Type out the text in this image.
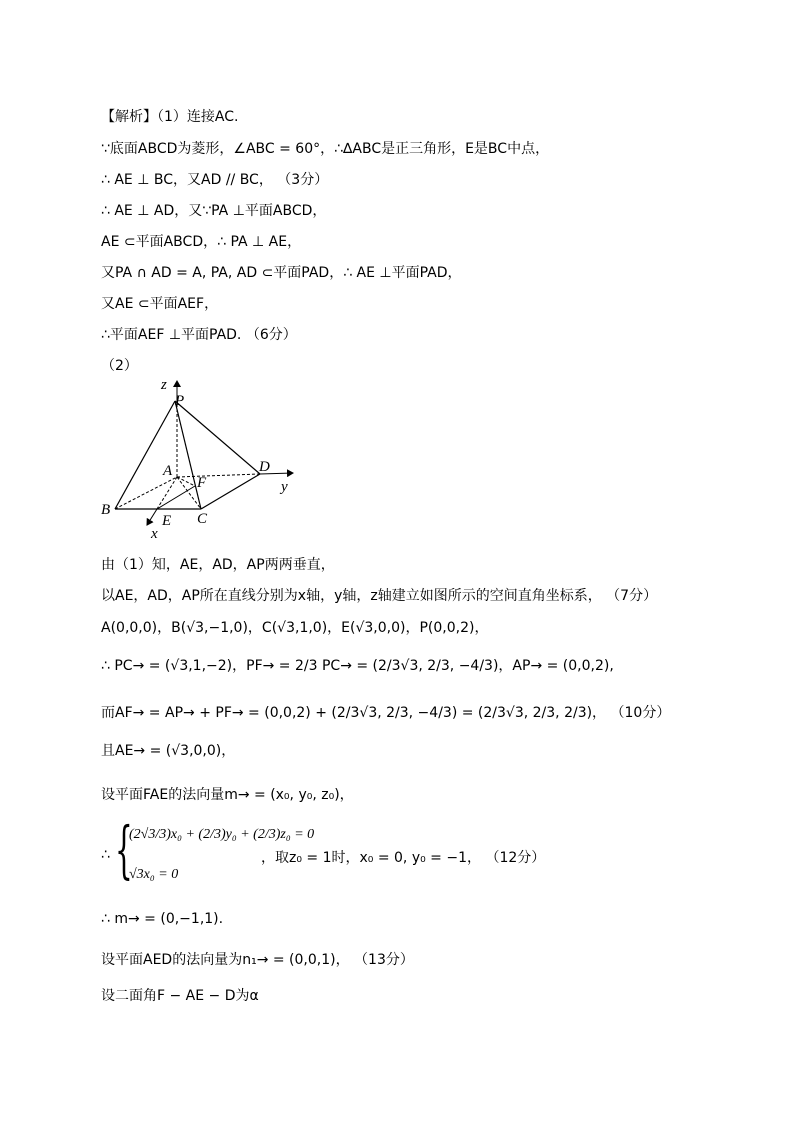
【解析】（1）连接AC.
∵底面ABCD为菱形，∠ABC = 60°，∴∆ABC是正三角形，E是BC中点，
∴ AE ⊥ BC，又AD // BC， （3分）
∴ AE ⊥ AD，又∵PA ⊥平面ABCD，
AE ⊂平面ABCD，∴ PA ⊥ AE，
又PA ∩ AD = A, PA, AD ⊂平面PAD，∴ AE ⊥平面PAD，
又AE ⊂平面AEF，
∴平面AEF ⊥平面PAD. （6分）
（2）
由（1）知，AE，AD，AP两两垂直，
以AE，AD，AP所在直线分别为x轴，y轴，z轴建立如图所示的空间直角坐标系， （7分）
A(0,0,0)，B(√3,−1,0)，C(√3,1,0)，E(√3,0,0)，P(0,0,2)，
∴ PC→ = (√3,1,−2)，PF→ = 2/3 PC→ = (2/3√3, 2/3, −4/3)，AP→ = (0,0,2),
而AF→ = AP→ + PF→ = (0,0,2) + (2/3√3, 2/3, −4/3) = (2/3√3, 2/3, 2/3)， （10分）
且AE→ = (√3,0,0)，
设平面FAE的法向量m→ = (x₀, y₀, z₀)，
∴ m→ = (0,−1,1).
设平面AED的法向量为n₁→ = (0,0,1)， （13分）
设二面角F − AE − D为α
z
P
A	D
y
F
B
E C
x
∴ {
(2√3/3)x₀ + (2/3)y₀ + (2/3)z₀ = 0
√3x₀ = 0
，取z₀ = 1时，x₀ = 0, y₀ = −1， （12分）
